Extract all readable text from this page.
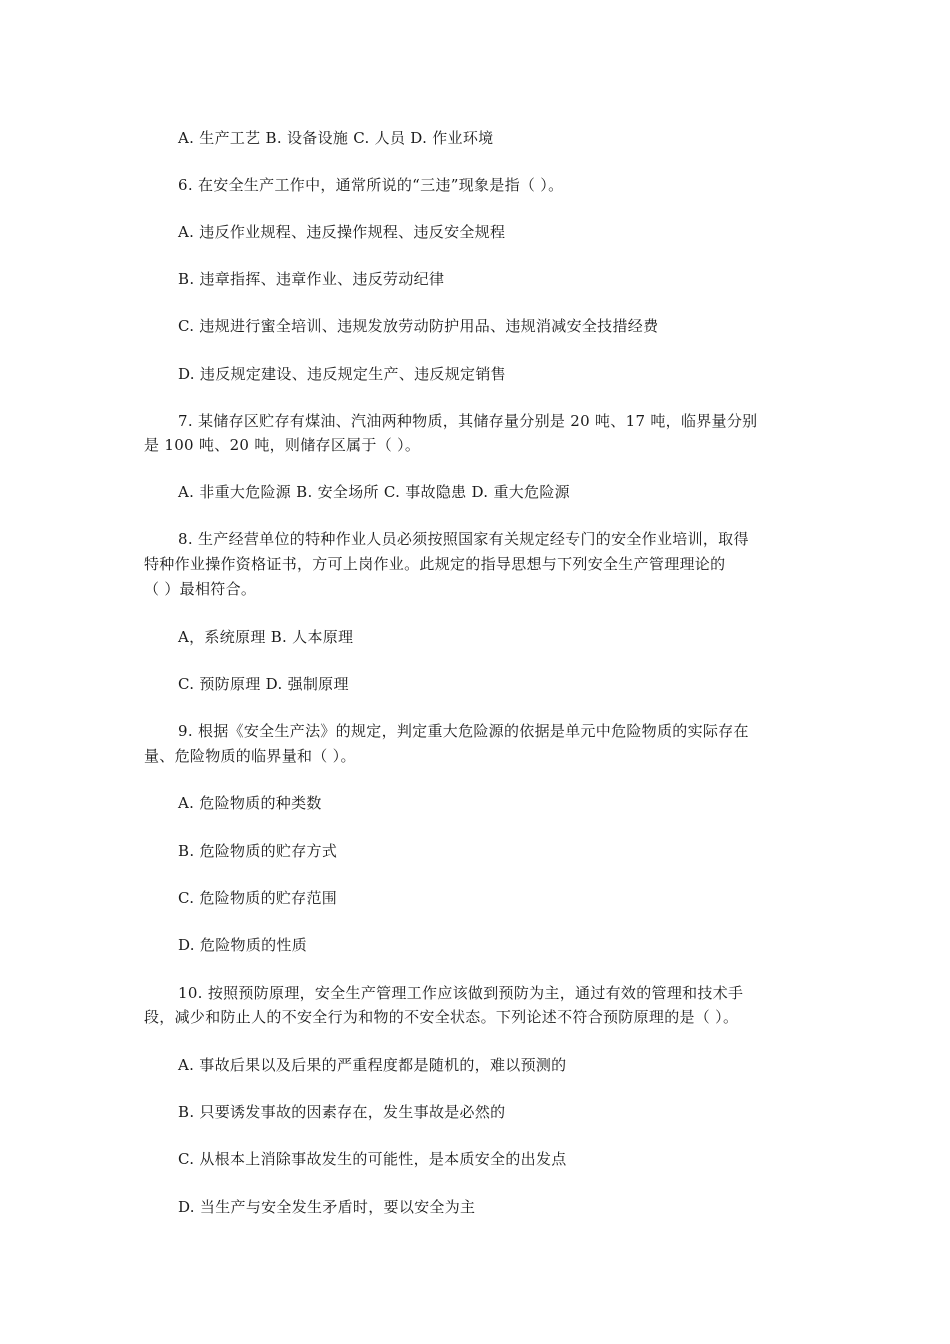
A. 生产工艺 B. 设备设施 C. 人员 D. 作业环境
6. 在安全生产工作中，通常所说的“三违”现象是指（ ）。
A. 违反作业规程、违反操作规程、违反安全规程
B. 违章指挥、违章作业、违反劳动纪律
C. 违规进行蜜全培训、违规发放劳动防护用品、违规消减安全技措经费
D. 违反规定建设、违反规定生产、违反规定销售
7. 某储存区贮存有煤油、汽油两种物质，其储存量分别是 20 吨、17 吨，临界量分别
是 100 吨、20 吨，则储存区属于（ ）。
A. 非重大危险源 B. 安全场所 C. 事故隐患 D. 重大危险源
8. 生产经营单位的特种作业人员必须按照国家有关规定经专门的安全作业培训，取得
特种作业操作资格证书，方可上岗作业。此规定的指导思想与下列安全生产管理理论的
（ ）最相符合。
A，系统原理 B. 人本原理
C. 预防原理 D. 强制原理
9. 根据《安全生产法》的规定，判定重大危险源的依据是单元中危险物质的实际存在
量、危险物质的临界量和（ ）。
A. 危险物质的种类数
B. 危险物质的贮存方式
C. 危险物质的贮存范围
D. 危险物质的性质
10. 按照预防原理，安全生产管理工作应该做到预防为主，通过有效的管理和技术手
段，减少和防止人的不安全行为和物的不安全状态。下列论述不符合预防原理的是（ ）。
A. 事故后果以及后果的严重程度都是随机的，难以预测的
B. 只要诱发事故的因素存在，发生事故是必然的
C. 从根本上消除事故发生的可能性，是本质安全的出发点
D. 当生产与安全发生矛盾时，要以安全为主
